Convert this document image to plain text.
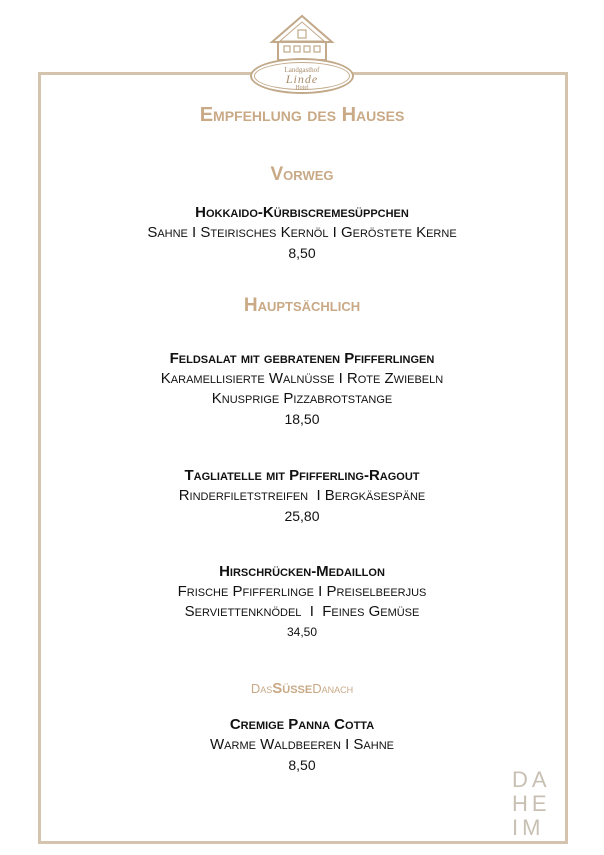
Landgasthof
Linde
Hotel
Empfehlung des Hauses
Vorweg
Hokkaido-Kürbiscremesüppchen
Sahne I Steirisches Kernöl I Geröstete Kerne
8,50
Hauptsächlich
Feldsalat mit gebratenen Pfifferlingen
Karamellisierte Walnüsse I Rote Zwiebeln
Knusprige Pizzabrotstange
18,50
Tagliatelle mit Pfifferling-Ragout
Rinderfiletstreifen  I Bergkäsespäne
25,80
Hirschrücken-Medaillon
Frische Pfifferlinge I Preiselbeerjus
Serviettenknödel  I  Feines Gemüse
34,50
DasSüßeDanach
Cremige Panna Cotta
Warme Waldbeeren I Sahne
8,50
DA
HE
IM
